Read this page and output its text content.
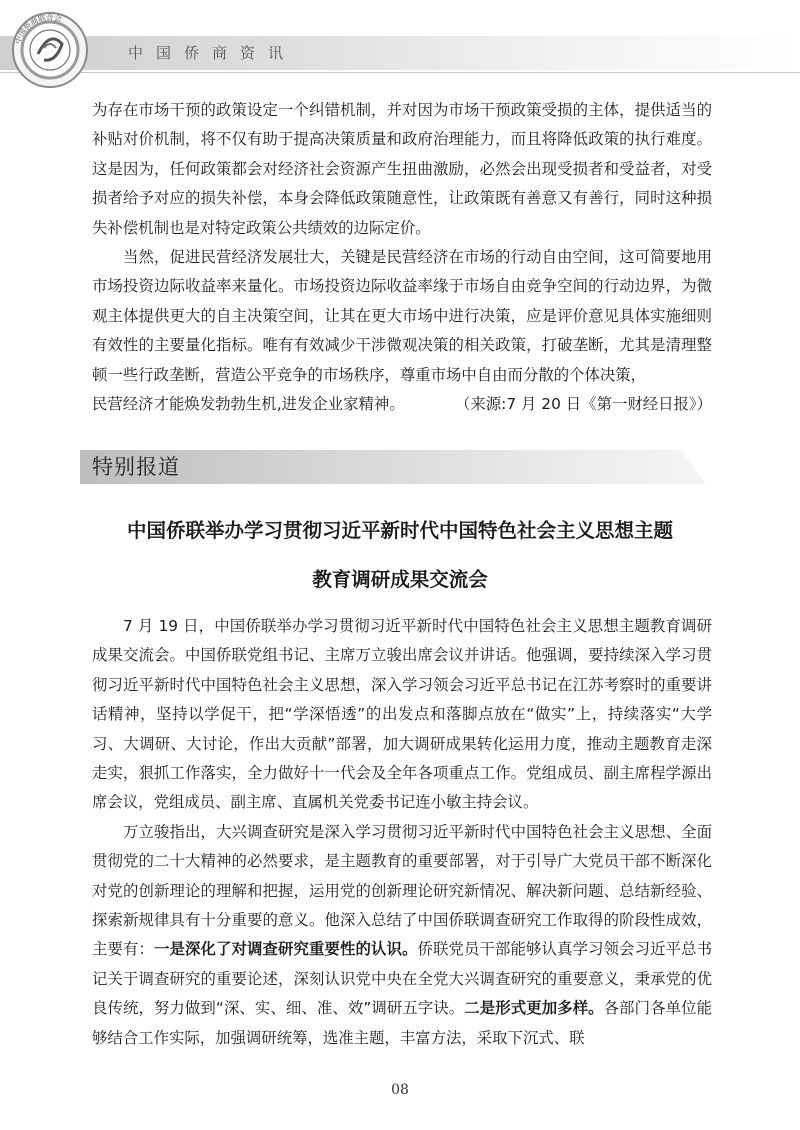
中国侨商联合会
中国侨商资讯

为存在市场干预的政策设定一个纠错机制，并对因为市场干预政策受损的主体，提供适当的补贴对价机制，将不仅有助于提高决策质量和政府治理能力，而且将降低政策的执行难度。这是因为，任何政策都会对经济社会资源产生扭曲激励，必然会出现受损者和受益者，对受损者给予对应的损失补偿，本身会降低政策随意性，让政策既有善意又有善行，同时这种损失补偿机制也是对特定政策公共绩效的边际定价。

当然，促进民营经济发展壮大，关键是民营经济在市场的行动自由空间，这可简要地用市场投资边际收益率来量化。市场投资边际收益率缘于市场自由竞争空间的行动边界，为微观主体提供更大的自主决策空间，让其在更大市场中进行决策，应是评价意见具体实施细则有效性的主要量化指标。唯有有效减少干涉微观决策的相关政策，打破垄断，尤其是清理整顿一些行政垄断，营造公平竞争的市场秩序，尊重市场中自由而分散的个体决策，

民营经济才能焕发勃勃生机,进发企业家精神。	（来源:7 月 20 日《第一财经日报》）
特别报道
中国侨联举办学习贯彻习近平新时代中国特色社会主义思想主题
教育调研成果交流会

7 月 19 日，中国侨联举办学习贯彻习近平新时代中国特色社会主义思想主题教育调研成果交流会。中国侨联党组书记、主席万立骏出席会议并讲话。他强调，要持续深入学习贯彻习近平新时代中国特色社会主义思想，深入学习领会习近平总书记在江苏考察时的重要讲话精神，坚持以学促干，把“学深悟透”的出发点和落脚点放在“做实”上，持续落实“大学习、大调研、大讨论，作出大贡献”部署，加大调研成果转化运用力度，推动主题教育走深走实，狠抓工作落实，全力做好十一代会及全年各项重点工作。党组成员、副主席程学源出席会议，党组成员、副主席、直属机关党委书记连小敏主持会议。

万立骏指出，大兴调查研究是深入学习贯彻习近平新时代中国特色社会主义思想、全面贯彻党的二十大精神的必然要求，是主题教育的重要部署，对于引导广大党员干部不断深化对党的创新理论的理解和把握，运用党的创新理论研究新情况、解决新问题、总结新经验、探索新规律具有十分重要的意义。他深入总结了中国侨联调查研究工作取得的阶段性成效，主要有：一是深化了对调查研究重要性的认识。侨联党员干部能够认真学习领会习近平总书记关于调查研究的重要论述，深刻认识党中央在全党大兴调查研究的重要意义，秉承党的优良传统，努力做到“深、实、细、准、效”调研五字诀。二是形式更加多样。各部门各单位能够结合工作实际，加强调研统筹，选准主题，丰富方法，采取下沉式、联

08
